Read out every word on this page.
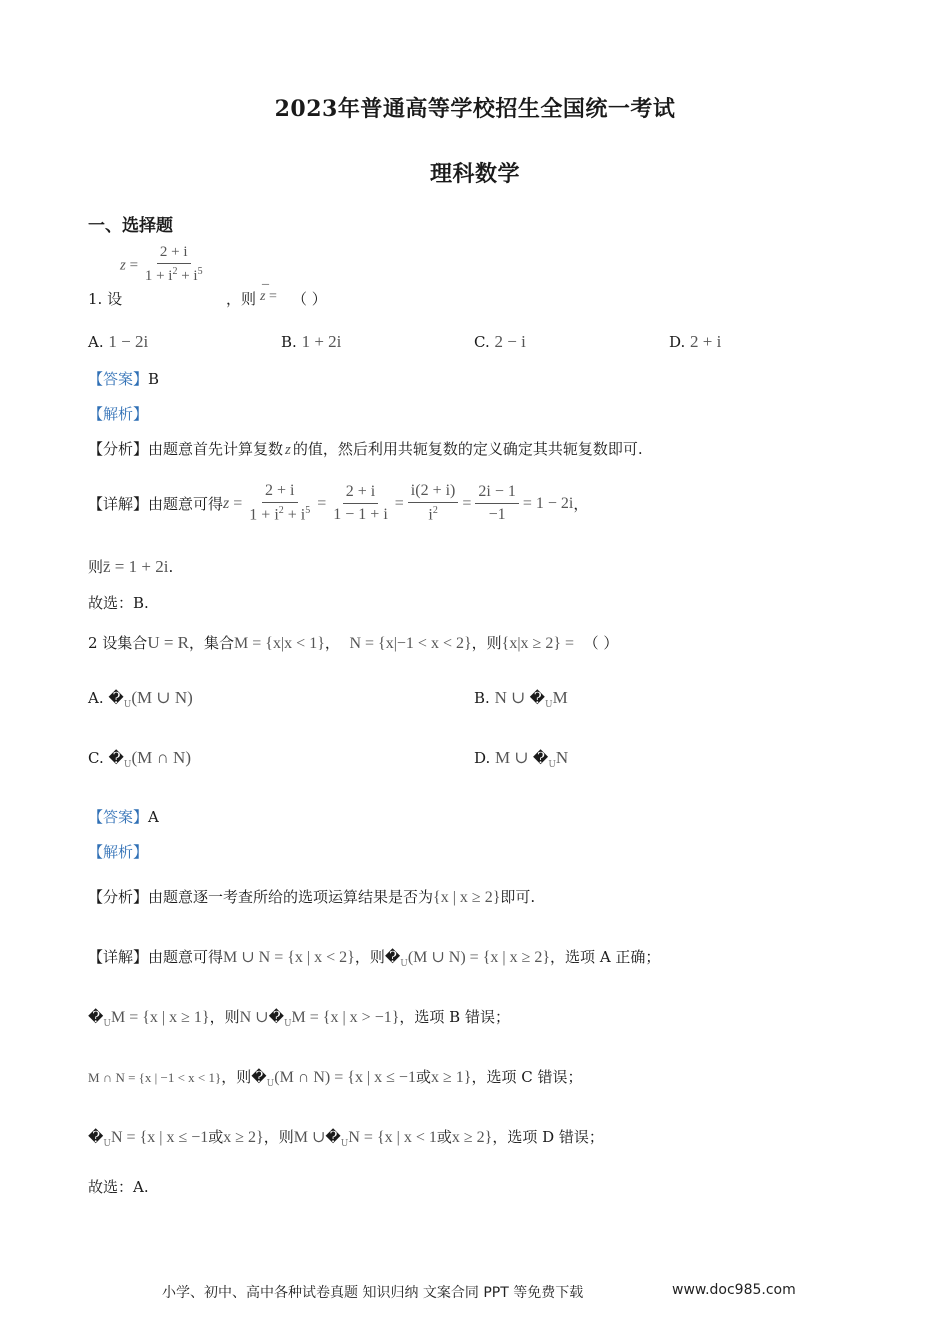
2023年普通高等学校招生全国统一考试
理科数学
一、选择题
$z = \frac{2 + i}{1 + i^2 + i^5}$
1. 设	，则
_
z = （ ）
A. 1 − 2i	B. 1 + 2i	C. 2 − i	D. 2 + i
【答案】B
【解析】
【分析】由题意首先计算复数 z 的值，然后利用共轭复数的定义确定其共轭复数即可.
【详解】 由题意可得 $z = \frac{2 + i}{1 + i^2 + i^5} = \frac{2 + i}{1 - 1 + i} = \frac{i(2 + i)}{i^2} = \frac{2i - 1}{-1} = 1 - 2i$ ，
则z̄ = 1 + 2i.
故选：B.
2 设集合U = R，集合M = {x|x < 1}， N = {x|−1 < x < 2}，则{x|x ≥ 2} = （ ）
A. $�_U(M$ ∪ N)	B. N ∪ $�_UM$
C. $�_U(M$ ∩ N)	D. M ∪ $�_UN$
【答案】A
【解析】
【分析】由题意逐一考查所给的选项运算结果是否为{x | x ≥ 2}即可.
【详解】由题意可得M ∪ N = {x | x < 2}，则$�_U(M$ ∪ N) = {x | x ≥ 2}，选项 A 正确；
$�_UM = \{x$ | x ≥ 1}，则N $\cup�_UM = \{x$ | x > −1}，选项 B 错误；
M ∩ N = {x | −1 < x < 1}，则$�_U(M$ ∩ N) = {x | x ≤ −1或x ≥ 1}，选项 C 错误；
$�_UN = \{x$ | x ≤ −1或x ≥ 2}，则M $\cup�_UN = \{x$ | x < 1或x ≥ 2}，选项 D 错误；
故选：A.
小学、初中、高中各种试卷真题 知识归纳 文案合同 PPT 等免费下载	www.doc985.com
